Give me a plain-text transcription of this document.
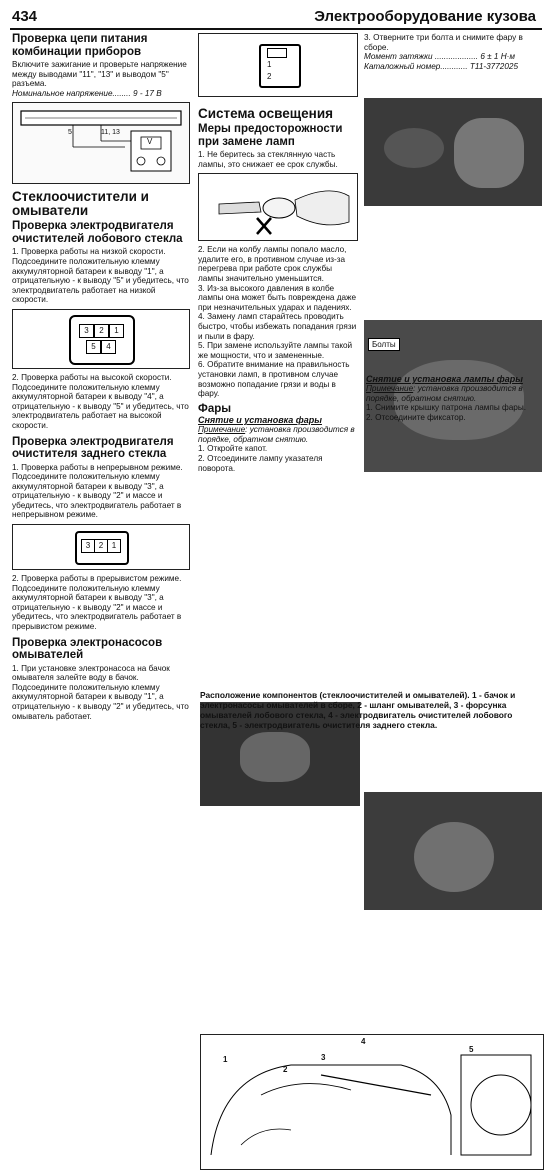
434	Электрооборудование кузова
Проверка цепи питания комбинации приборов

Включите зажигание и проверьте напряжение между выводами "11", "13" и выводом "5" разъема.

Номинальное напряжение........ 9 - 17 В

5	11, 13
V
Стеклоочистители и омыватели
Проверка электродвигателя очистителей лобового стекла

1. Проверка работы на низкой скорости. Подсоедините положительную клемму аккумуляторной батареи к выводу "1", а отрицательную - к выводу "5" и убедитесь, что электродвигатель работает на низкой скорости.

3	2	1
5	4

2. Проверка работы на высокой скорости. Подсоедините положительную клемму аккумуляторной батареи к выводу "4", а отрицательную - к выводу "5" и убедитесь, что электродвигатель работает на высокой скорости.

Проверка электродвигателя очистителя заднего стекла

1. Проверка работы в непрерывном режиме. Подсоедините положительную клемму аккумуляторной батареи к выводу "3", а отрицательную - к выводу "2" и массе и убедитесь, что электродвигатель работает в непрерывном режиме.

3	2	1

2. Проверка работы в прерывистом режиме. Подсоедините положительную клемму аккумуляторной батареи к выводу "3", а отрицательную - к выводу "2" и массе и убедитесь, что электродвигатель работает в прерывистом режиме.

Проверка электронасосов омывателей

1. При установке электронасоса на бачок омывателя залейте воду в бачок. Подсоедините положительную клемму аккумуляторной батареи к выводу "1", а отрицательную - к выводу "2" и убедитесь, что омыватель работает.

1
2
Система освещения
Меры предосторожности при замене ламп

1. Не беритесь за стеклянную часть лампы, это снижает ее срок службы.

2. Если на колбу лампы попало масло, удалите его, в противном случае из-за перегрева при работе срок службы лампы значительно уменьшится.

3. Из-за высокого давления в колбе лампы она может быть повреждена даже при незначительных ударах и падениях.

4. Замену ламп старайтесь проводить быстро, чтобы избежать попадания грязи и пыли в фару.

5. При замене используйте лампы такой же мощности, что и замененные.

6. Обратите внимание на правильность установки ламп, в противном случае возможно попадание грязи и воды в фару.

Фары
Снятие и установка фары

Примечание: установка производится в порядке, обратном снятию.

1. Откройте капот.

2. Отсоедините лампу указателя поворота.

3. Отверните три болта и снимите фару в сборе.

Момент затяжки ................... 6 ± 1 Н·м

Каталожный номер............ T11-3772025

Болты
Снятие и установка лампы фары

Примечание: установка производится в порядке, обратном снятию.

1. Снимите крышку патрона лампы фары.

2. Отсоедините фиксатор.

1
2
3
4
5
Расположение компонентов (стеклоочистителей и омывателей). 1 - бачок и электронасосы омывателей в сборе, 2 - шланг омывателей, 3 - форсунка омывателей лобового стекла, 4 - электродвигатель очистителей лобового стекла, 5 - электродвигатель очистителя заднего стекла.
